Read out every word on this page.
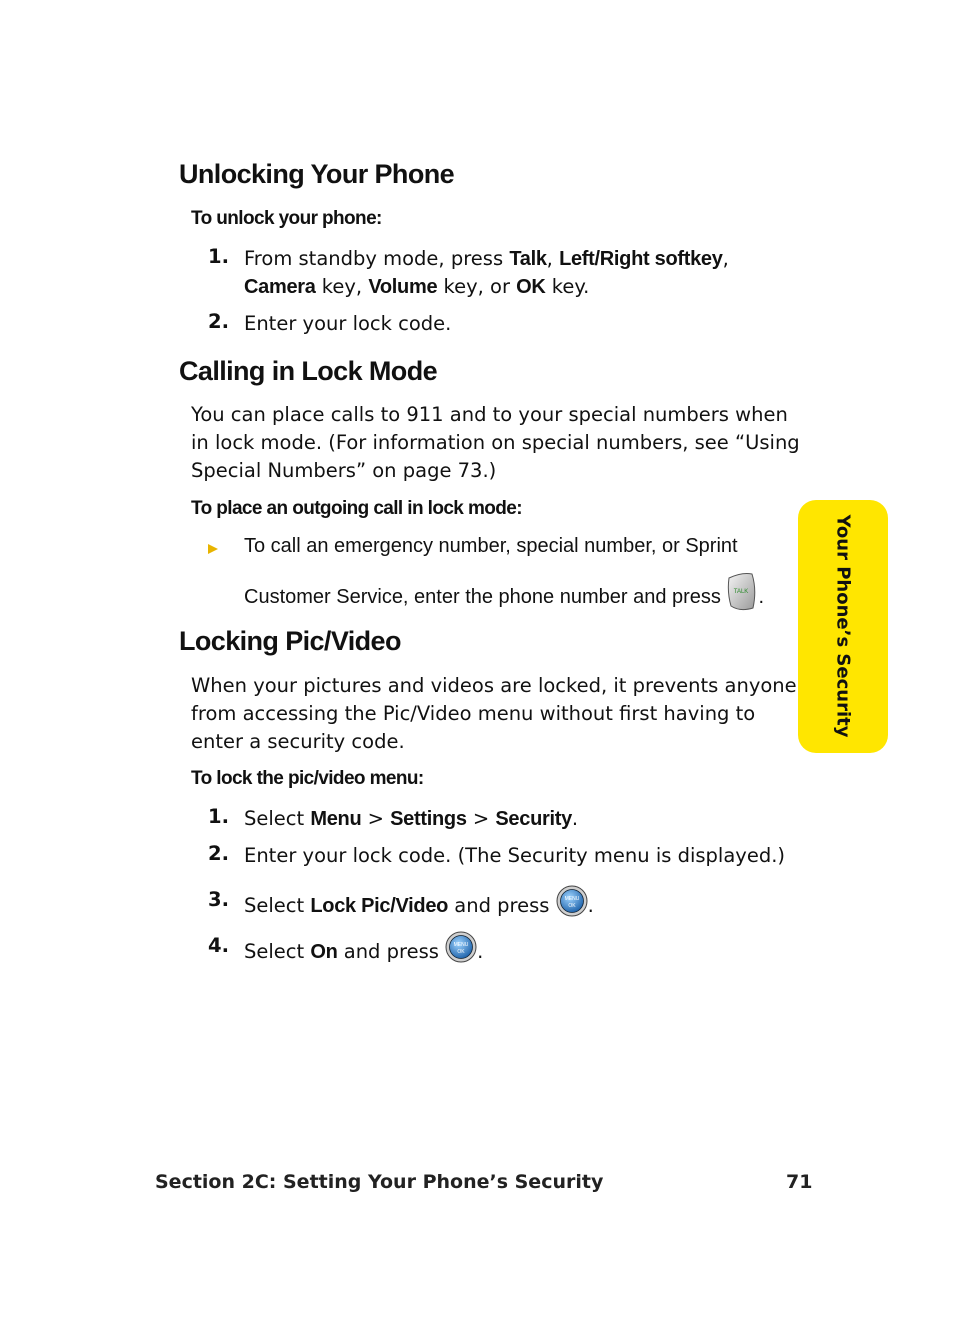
Unlocking Your Phone
To unlock your phone:
1. From standby mode, press Talk, Left/Right softkey,
Camera key, Volume key, or OK key.
2. Enter your lock code.
Calling in Lock Mode
You can place calls to 911 and to your special numbers when
in lock mode. (For information on special numbers, see “Using
Special Numbers” on page 73.)
To place an outgoing call in lock mode:
To call an emergency number, special number, or Sprint
Customer Service, enter the phone number and press TALK .
Locking Pic/Video
When your pictures and videos are locked, it prevents anyone
from accessing the Pic/Video menu without first having to
enter a security code.
To lock the pic/video menu:
1. Select Menu > Settings > Security.
2. Enter your lock code. (The Security menu is displayed.)
3. Select Lock Pic/Video and press MENU
OK .
4. Select On and press MENU
OK .
Your Phone’s Security
Section 2C: Setting Your Phone’s Security	71
